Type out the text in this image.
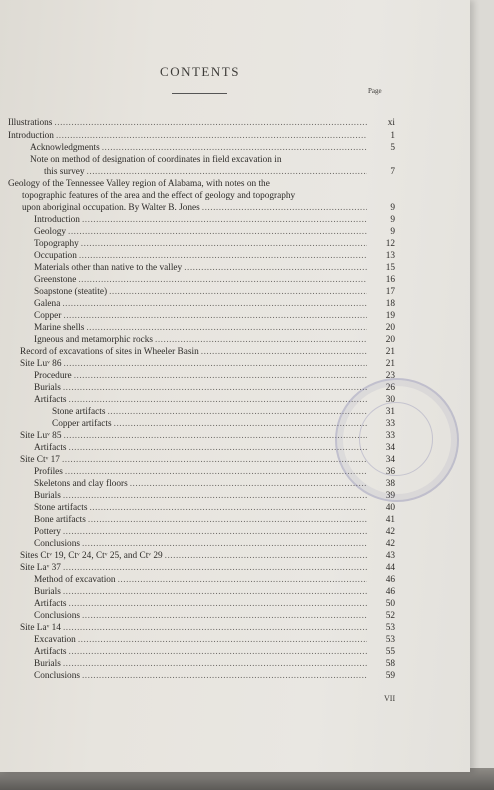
CONTENTS
Page
Illustrations .....	xi
Introduction .....	1
Acknowledgments .....	5
Note on method of designation of coordinates in field excavation in
this survey .....	7
Geology of the Tennessee Valley region of Alabama, with notes on the
topographic features of the area and the effect of geology and topography
upon aboriginal occupation. By Walter B. Jones .....	9
Introduction .....	9
Geology .....	9
Topography .....	12
Occupation .....	13
Materials other than native to the valley .....	15
Greenstone .....	16
Soapstone (steatite) .....	17
Galena .....	18
Copper .....	19
Marine shells .....	20
Igneous and metamorphic rocks .....	20
Record of excavations of sites in Wheeler Basin .....	21
Site Luᵛ 86 .....	21
Procedure .....	23
Burials .....	26
Artifacts .....	30
Stone artifacts .....	31
Copper artifacts .....	33
Site Luᵛ 85 .....	33
Artifacts .....	34
Site Ctᵛ 17 .....	34
Profiles .....	36
Skeletons and clay floors .....	38
Burials .....	39
Stone artifacts .....	40
Bone artifacts .....	41
Pottery .....	42
Conclusions .....	42
Sites Ctᵛ 19, Ctᵛ 24, Ctᵛ 25, and Ctᵛ 29 .....	43
Site Laᵛ 37 .....	44
Method of excavation .....	46
Burials .....	46
Artifacts .....	50
Conclusions .....	52
Site Laᵛ 14 .....	53
Excavation .....	53
Artifacts .....	55
Burials .....	58
Conclusions .....	59
VII
